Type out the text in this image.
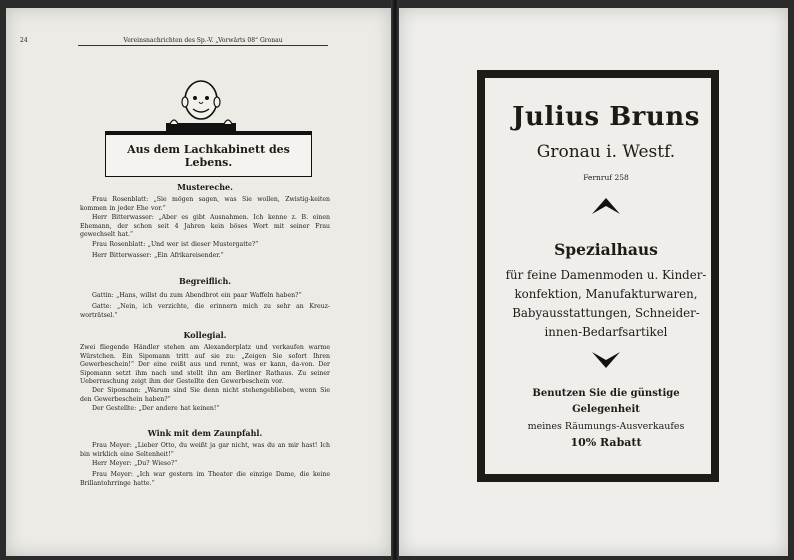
24	Vereinsnachrichten des Sp.-V. „Vorwärts 08“ Gronau
Aus dem Lachkabinett des Lebens.
Mustereche.
Frau Rosenblatt: „Sie mögen sagen, was Sie wollen, Zwistig-keiten kommen in jeder Ehe vor.“
Herr Bitterwasser: „Aber es gibt Ausnahmen. Ich kenne z. B. einen Ehemann, der schon seit 4 Jahren kein böses Wort mit seiner Frau gewechselt hat.“
Frau Rosenblatt: „Und wer ist dieser Mustergatte?“
Herr Bitterwasser: „Ein Afrikareisender.“
Begreiflich.
Gattin: „Hans, willst du zum Abendbrot ein paar Waffeln haben?“
Gatte: „Nein, ich verzichte, die erinnern mich zu sehr an Kreuz-worträtsel.“
Kollegial.
Zwei fliegende Händler stehen am Alexanderplatz und verkaufen warme Würstchen. Ein Sipomann tritt auf sie zu: „Zeigen Sie sofort Ihren Gewerbeschein!“ Der eine reißt aus und rennt, was er kann, da-von. Der Sipomann setzt ihm nach und stellt ihn am Berliner Rathaus. Zu seiner Ueberraschung zeigt ihm der Gestellte den Gewerbeschein vor.
Der Sipomann: „Warum sind Sie denn nicht stehengeblieben, wenn Sie den Gewerbeschein haben?“
Der Gestellte: „Der andere hat keinen!“
Wink mit dem Zaunpfahl.
Frau Meyer: „Lieber Otto, du weißt ja gar nicht, was du an mir hast! Ich bin wirklich eine Seltenheit!“
Herr Meyer: „Du? Wieso?“
Frau Meyer: „Ich war gestern im Theater die einzige Dame, die keine Brillantohrringe hatte.“
Julius Bruns
Gronau i. Westf.
Fernruf 258
Spezialhaus
für feine Damenmoden u. Kinder-
konfektion, Manufakturwaren,
Babyausstattungen, Schneider-
innen-Bedarfsartikel
Benutzen Sie die günstige
Gelegenheit
meines Räumungs-Ausverkaufes
10% Rabatt
